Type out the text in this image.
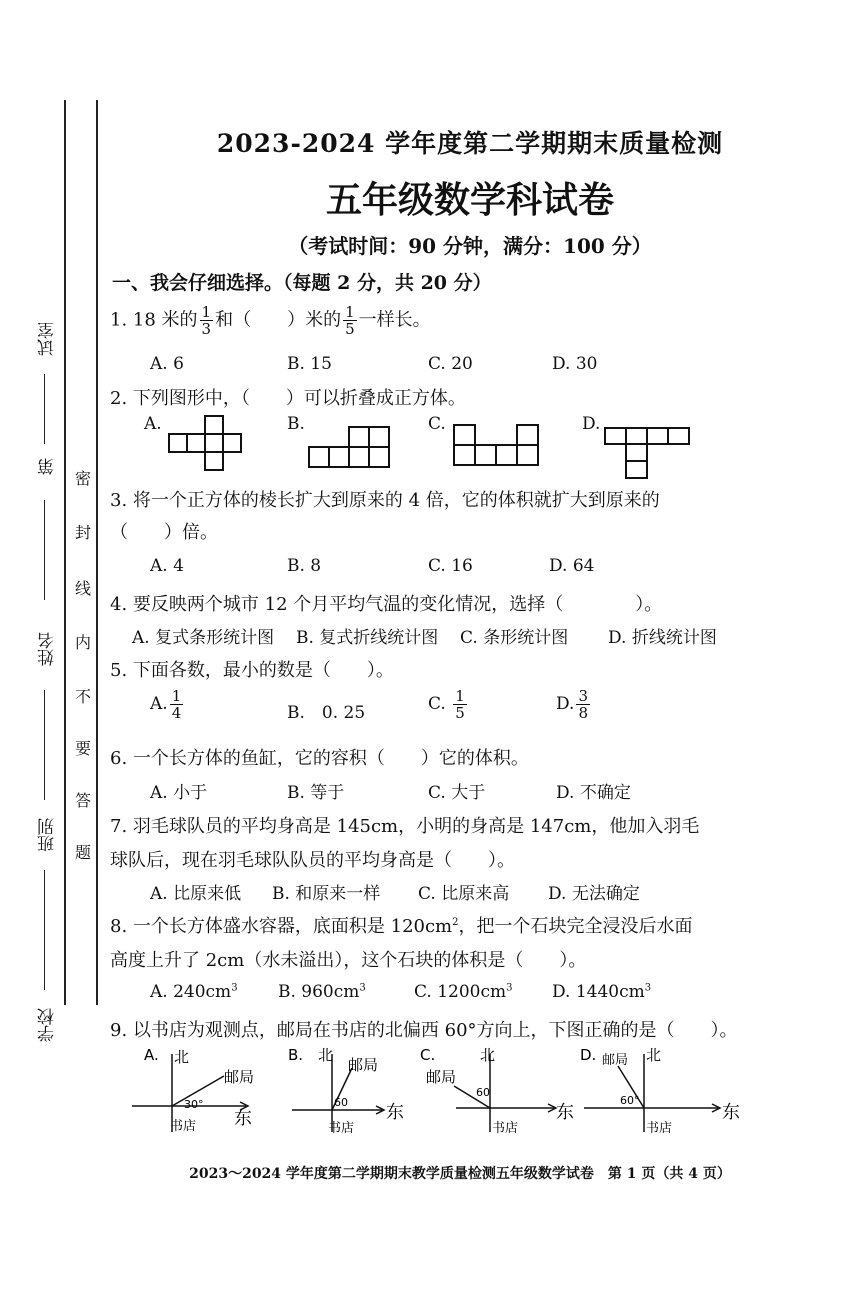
试室
第
姓名
班别
学校
密
封
线
内
不
要
答
题
2023-2024 学年度第二学期期末质量检测
五年级数学科试卷
（考试时间：90 分钟，满分：100 分）
一、我会仔细选择。（每题 2 分，共 20 分）
1. 18 米的 $\frac{1}{3}$ 和（　　）米的 $\frac{1}{5}$ 一样长。
A. 6	B. 15	C. 20	D. 30
2. 下列图形中，（　　）可以折叠成正方体。
A.	B.	C.	D.
3. 将一个正方体的棱长扩大到原来的 4 倍，它的体积就扩大到原来的
（　　）倍。
A. 4	B. 8	C. 16	D. 64
4. 要反映两个城市 12 个月平均气温的变化情况，选择（　　　　）。
A. 复式条形统计图 B. 复式折线统计图 C. 条形统计图 D. 折线统计图
5. 下面各数，最小的数是（　　）。
A. $\frac{1}{4}$	B.　0. 25	C. $\frac{1}{5}$	D. $\frac{3}{8}$
6. 一个长方体的鱼缸，它的容积（　　）它的体积。
A. 小于	B. 等于	C. 大于	D. 不确定
7. 羽毛球队员的平均身高是 145cm，小明的身高是 147cm，他加入羽毛
球队后，现在羽毛球队队员的平均身高是（　　）。
A. 比原来低 B. 和原来一样 C. 比原来高 D. 无法确定
8. 一个长方体盛水容器，底面积是 $120cm^2$，把一个石块完全浸没后水面
高度上升了 2cm（水未溢出），这个石块的体积是（　　）。
A. $240cm^3$ B. $960cm^3$	C. $1200cm^3$ D. $1440cm^3$
9. 以书店为观测点，邮局在书店的北偏西 60°方向上，下图正确的是（　　）。
A. 北
邮局
30°
东
书店
B. 北
邮局
60 东
书店
C.	北
邮局
60
东
书店
D.	北
邮局
60°
东
书店
2023～2024 学年度第二学期期末教学质量检测五年级数学试卷　第 1 页（共 4 页）
